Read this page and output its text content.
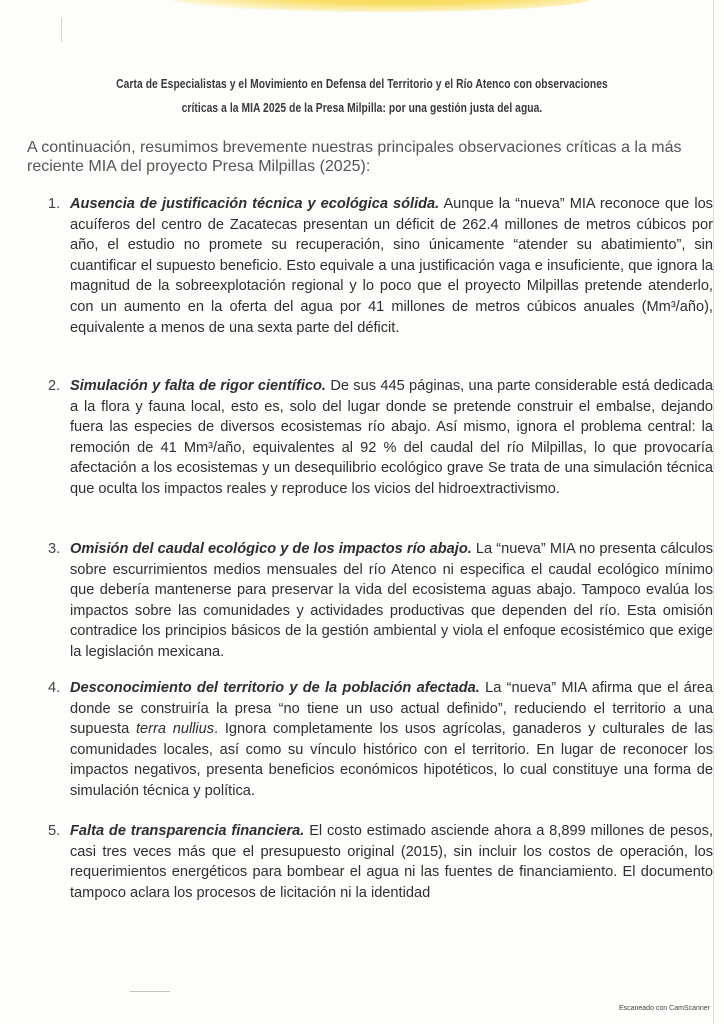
Carta de Especialistas y el Movimiento en Defensa del Territorio y el Río Atenco con observaciones
críticas a la MIA 2025 de la Presa Milpilla: por una gestión justa del agua.
A continuación, resumimos brevemente nuestras principales observaciones críticas a la más
reciente MIA del proyecto Presa Milpillas (2025):
1. Ausencia de justificación técnica y ecológica sólida. Aunque la “nueva” MIA reconoce que los acuíferos del centro de Zacatecas presentan un déficit de 262.4 millones de metros cúbicos por año, el estudio no promete su recuperación, sino únicamente “atender su abatimiento”, sin cuantificar el supuesto beneficio. Esto equivale a una justificación vaga e insuficiente, que ignora la magnitud de la sobreexplotación regional y lo poco que el proyecto Milpillas pretende atenderlo, con un aumento en la oferta del agua por 41 millones de metros cúbicos anuales (Mm³/año), equivalente a menos de una sexta parte del déficit.
2. Simulación y falta de rigor científico. De sus 445 páginas, una parte considerable está dedicada a la flora y fauna local, esto es, solo del lugar donde se pretende construir el embalse, dejando fuera las especies de diversos ecosistemas río abajo. Así mismo, ignora el problema central: la remoción de 41 Mm³/año, equivalentes al 92 % del caudal del río Milpillas, lo que provocaría afectación a los ecosistemas y un desequilibrio ecológico grave Se trata de una simulación técnica que oculta los impactos reales y reproduce los vicios del hidroextractivismo.
3. Omisión del caudal ecológico y de los impactos río abajo. La “nueva” MIA no presenta cálculos sobre escurrimientos medios mensuales del río Atenco ni especifica el caudal ecológico mínimo que debería mantenerse para preservar la vida del ecosistema aguas abajo. Tampoco evalúa los impactos sobre las comunidades y actividades productivas que dependen del río. Esta omisión contradice los principios básicos de la gestión ambiental y viola el enfoque ecosistémico que exige la legislación mexicana.
4. Desconocimiento del territorio y de la población afectada. La “nueva” MIA afirma que el área donde se construiría la presa “no tiene un uso actual definido”, reduciendo el territorio a una supuesta terra nullius. Ignora completamente los usos agrícolas, ganaderos y culturales de las comunidades locales, así como su vínculo histórico con el territorio. En lugar de reconocer los impactos negativos, presenta beneficios económicos hipotéticos, lo cual constituye una forma de simulación técnica y política.
5. Falta de transparencia financiera. El costo estimado asciende ahora a 8,899 millones de pesos, casi tres veces más que el presupuesto original (2015), sin incluir los costos de operación, los requerimientos energéticos para bombear el agua ni las fuentes de financiamiento. El documento tampoco aclara los procesos de licitación ni la identidad
Escaneado con CamScanner
